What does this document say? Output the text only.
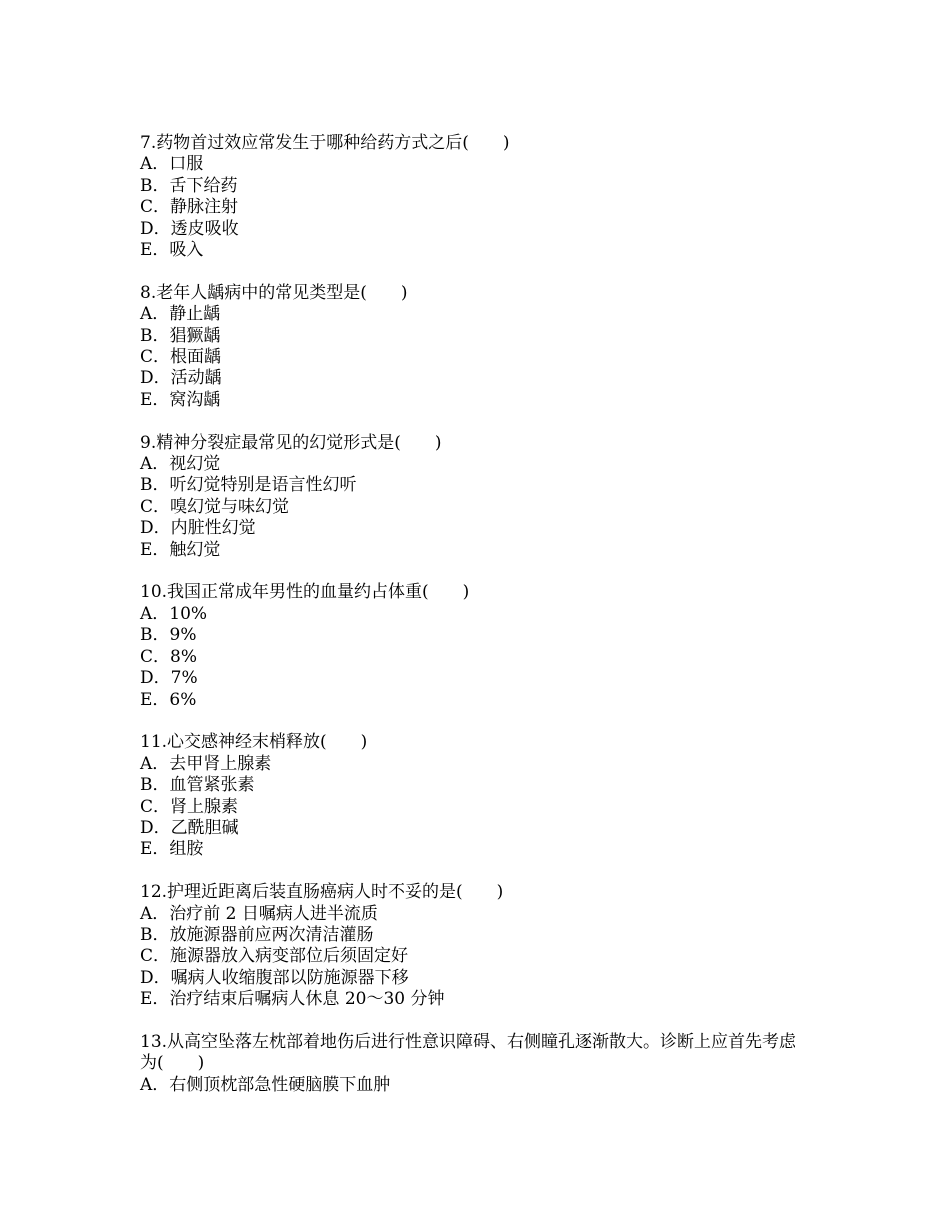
7.药物首过效应常发生于哪种给药方式之后(　　)

A．口服
B．舌下给药
C．静脉注射
D．透皮吸收
E．吸入

8.老年人龋病中的常见类型是(　　)

A．静止龋
B．猖獗龋
C．根面龋
D．活动龋
E．窝沟龋

9.精神分裂症最常见的幻觉形式是(　　)

A．视幻觉
B．听幻觉特别是语言性幻听
C．嗅幻觉与味幻觉
D．内脏性幻觉
E．触幻觉

10.我国正常成年男性的血量约占体重(　　)

A．10%
B．9%
C．8%
D．7%
E．6%

11.心交感神经末梢释放(　　)

A．去甲肾上腺素
B．血管紧张素
C．肾上腺素
D．乙酰胆碱
E．组胺

12.护理近距离后装直肠癌病人时不妥的是(　　)

A．治疗前 2 日嘱病人进半流质
B．放施源器前应两次清洁灌肠
C．施源器放入病变部位后须固定好
D．嘱病人收缩腹部以防施源器下移
E．治疗结束后嘱病人休息 20～30 分钟

13.从高空坠落左枕部着地伤后进行性意识障碍、右侧瞳孔逐渐散大。诊断上应首先考虑为(　　)

A．右侧顶枕部急性硬脑膜下血肿
